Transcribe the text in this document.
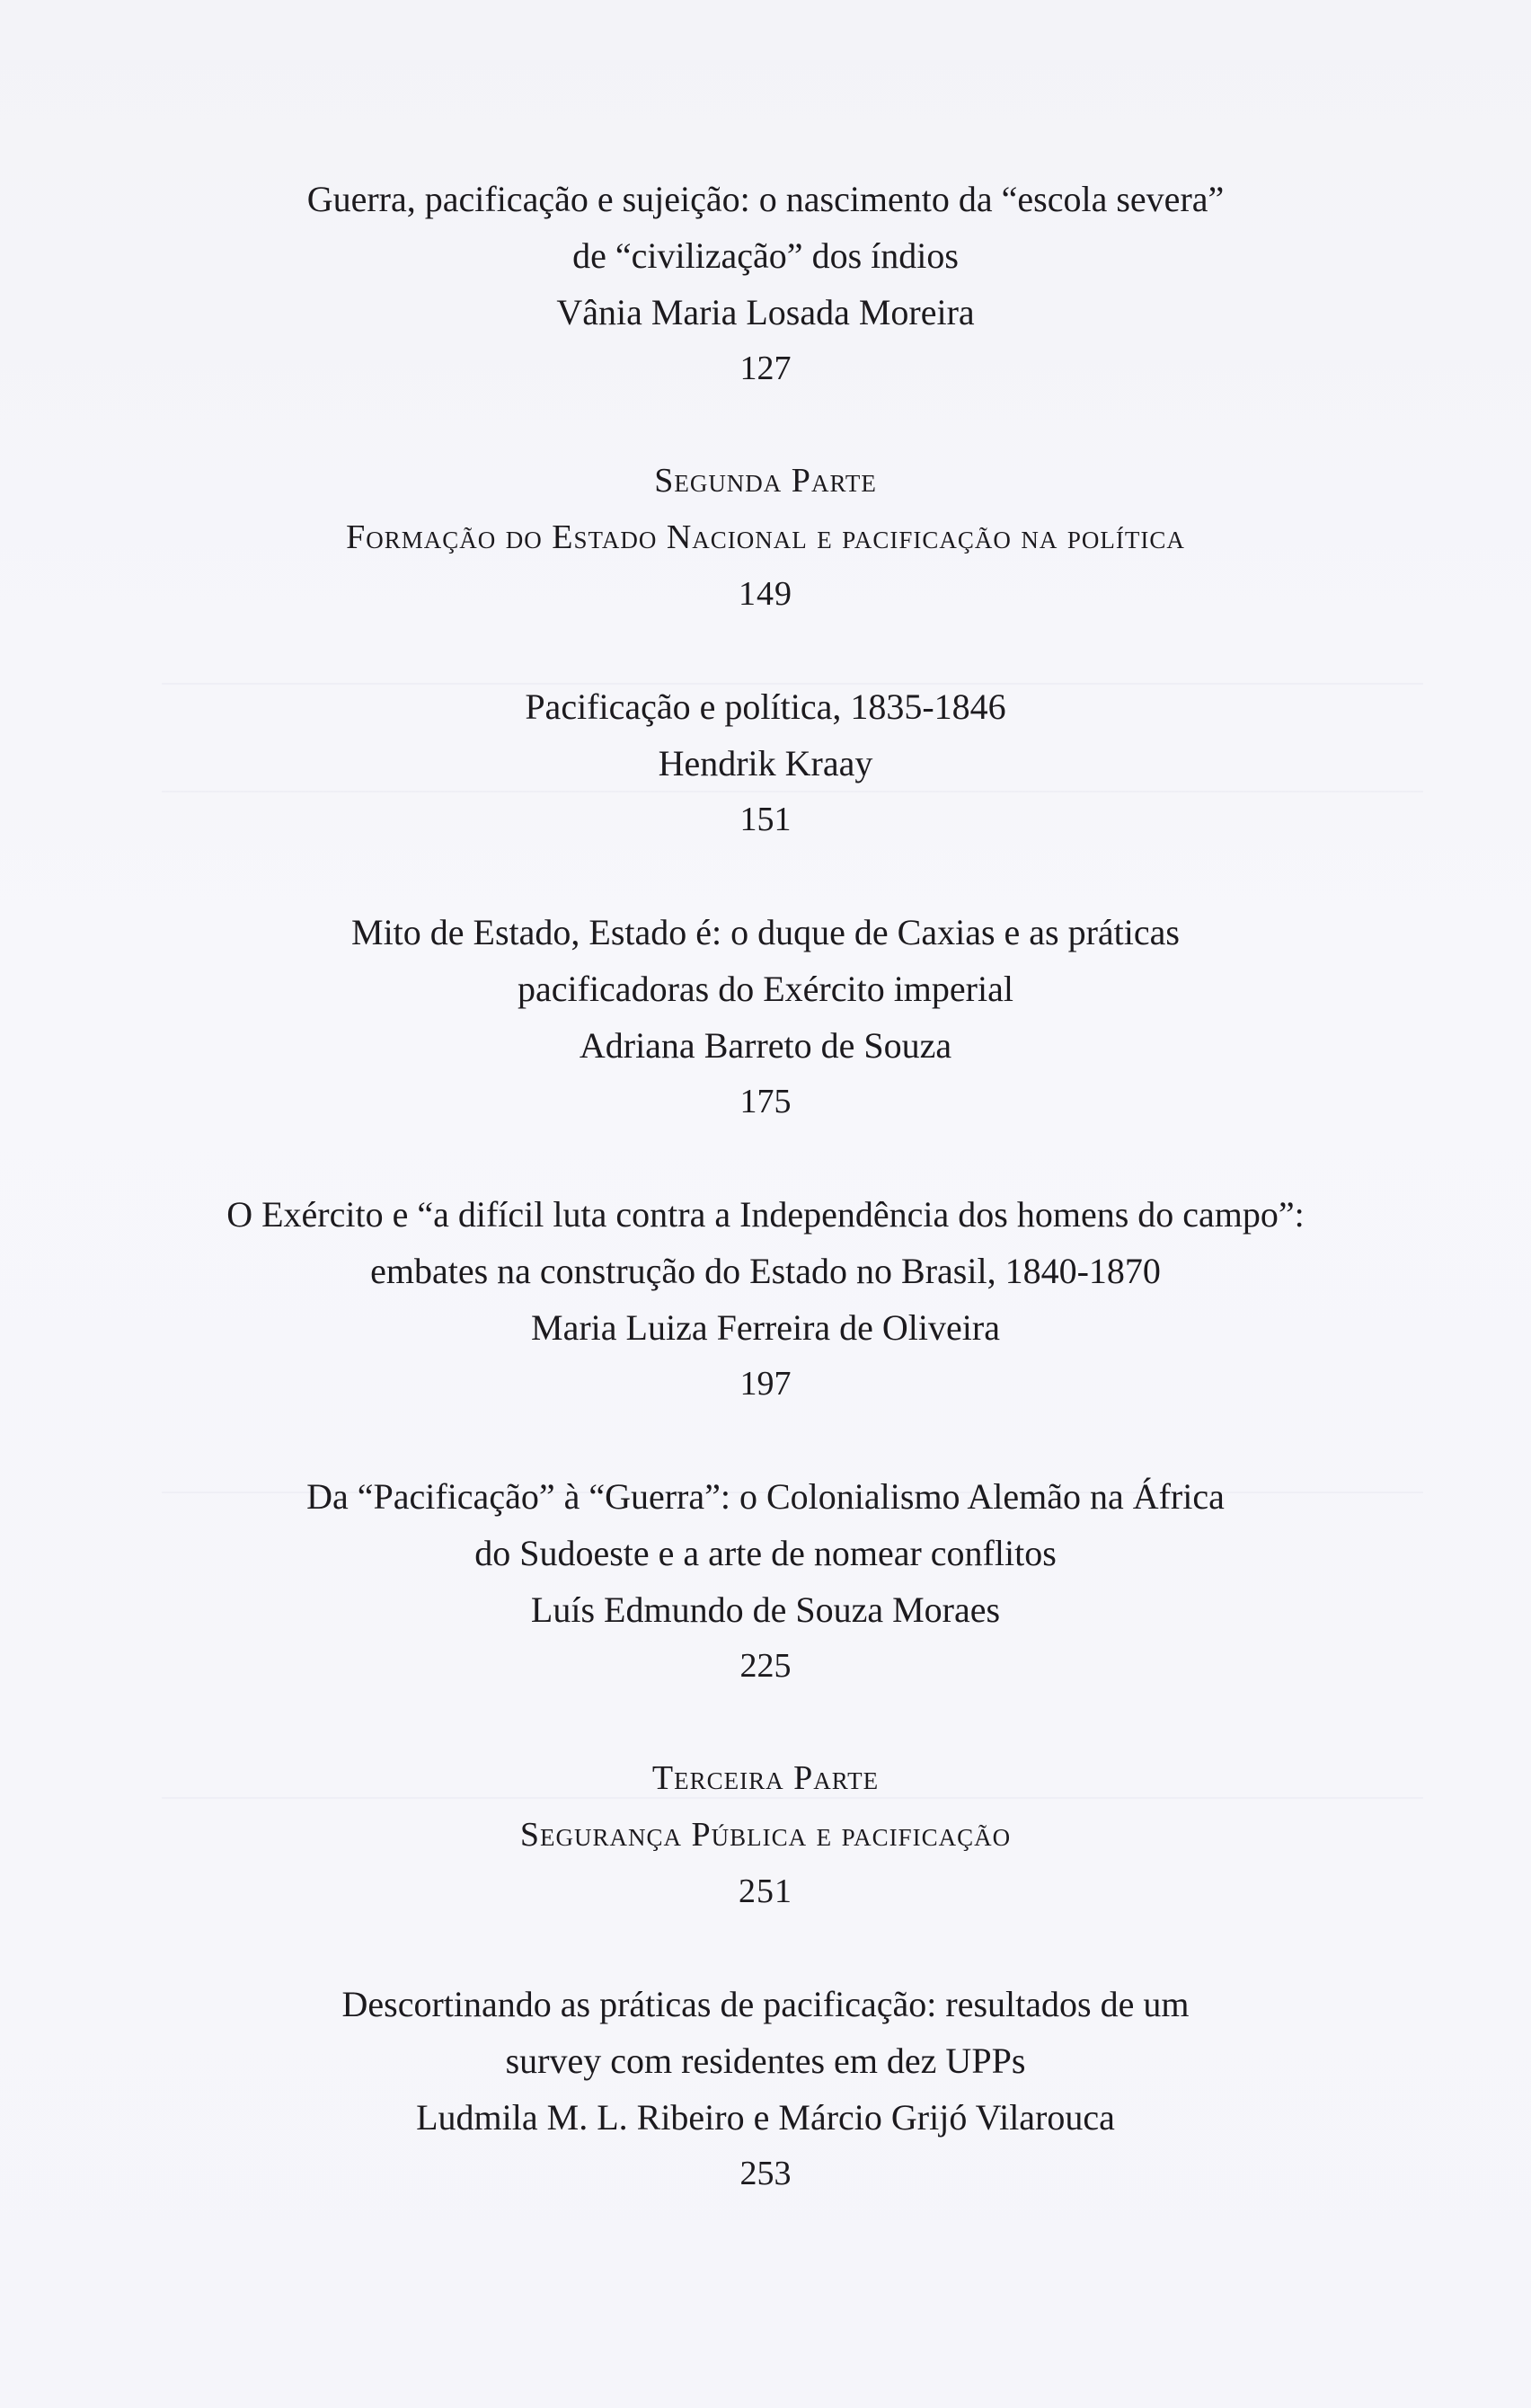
Guerra, pacificação e sujeição: o nascimento da “escola severa”

de “civilização” dos índios

Vânia Maria Losada Moreira

127

Segunda Parte

Formação do Estado Nacional e pacificação na política

149

Pacificação e política, 1835-1846

Hendrik Kraay

151

Mito de Estado, Estado é: o duque de Caxias e as práticas

pacificadoras do Exército imperial

Adriana Barreto de Souza

175

O Exército e “a difícil luta contra a Independência dos homens do campo”:

embates na construção do Estado no Brasil, 1840-1870

Maria Luiza Ferreira de Oliveira

197

Da “Pacificação” à “Guerra”: o Colonialismo Alemão na África

do Sudoeste e a arte de nomear conflitos

Luís Edmundo de Souza Moraes

225

Terceira Parte

Segurança Pública e pacificação

251

Descortinando as práticas de pacificação: resultados de um

survey com residentes em dez UPPs

Ludmila M. L. Ribeiro e Márcio Grijó Vilarouca

253
